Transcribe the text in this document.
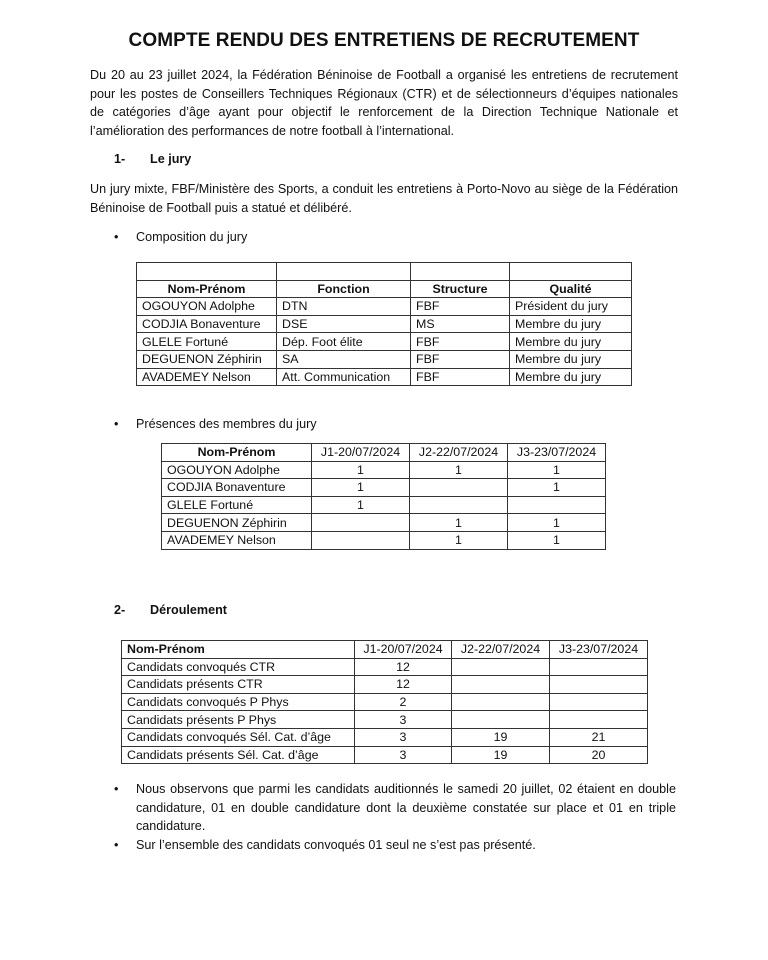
COMPTE RENDU DES ENTRETIENS DE RECRUTEMENT

Du 20 au 23 juillet 2024, la Fédération Béninoise de Football a organisé les entretiens de recrutement pour les postes de Conseillers Techniques Régionaux (CTR) et de sélectionneurs d’équipes nationales de catégories d’âge ayant pour objectif le renforcement de la Direction Technique Nationale et l’amélioration des performances de notre football à l’international.

1- Le jury

Un jury mixte, FBF/Ministère des Sports, a conduit les entretiens à Porto-Novo au siège de la Fédération Béninoise de Football puis a statué et délibéré.

•	Composition du jury

Nom-Prénom	Fonction	Structure	Qualité
OGOUYON Adolphe	DTN	FBF	Président du jury
CODJIA Bonaventure	DSE	MS	Membre du jury
GLELE Fortuné	Dép. Foot élite	FBF	Membre du jury
DEGUENON Zéphirin	SA	FBF	Membre du jury
AVADEMEY Nelson	Att. Communication	FBF	Membre du jury

•	Présences des membres du jury

Nom-Prénom	J1-20/07/2024	J2-22/07/2024	J3-23/07/2024
OGOUYON Adolphe	1	1	1
CODJIA Bonaventure	1		1
GLELE Fortuné	1		
DEGUENON Zéphirin		1	1
AVADEMEY Nelson		1	1

2- Déroulement

Nom-Prénom	J1-20/07/2024	J2-22/07/2024	J3-23/07/2024
Candidats convoqués CTR	12		
Candidats présents CTR	12		
Candidats convoqués P Phys	2		
Candidats présents P Phys	3		
Candidats convoqués Sél. Cat. d’âge	3	19	21
Candidats présents Sél. Cat. d’âge	3	19	20

•	Nous observons que parmi les candidats auditionnés le samedi 20 juillet, 02 étaient en double candidature, 01 en double candidature dont la deuxième constatée sur place et 01 en triple candidature.

•	Sur l’ensemble des candidats convoqués 01 seul ne s’est pas présenté.
